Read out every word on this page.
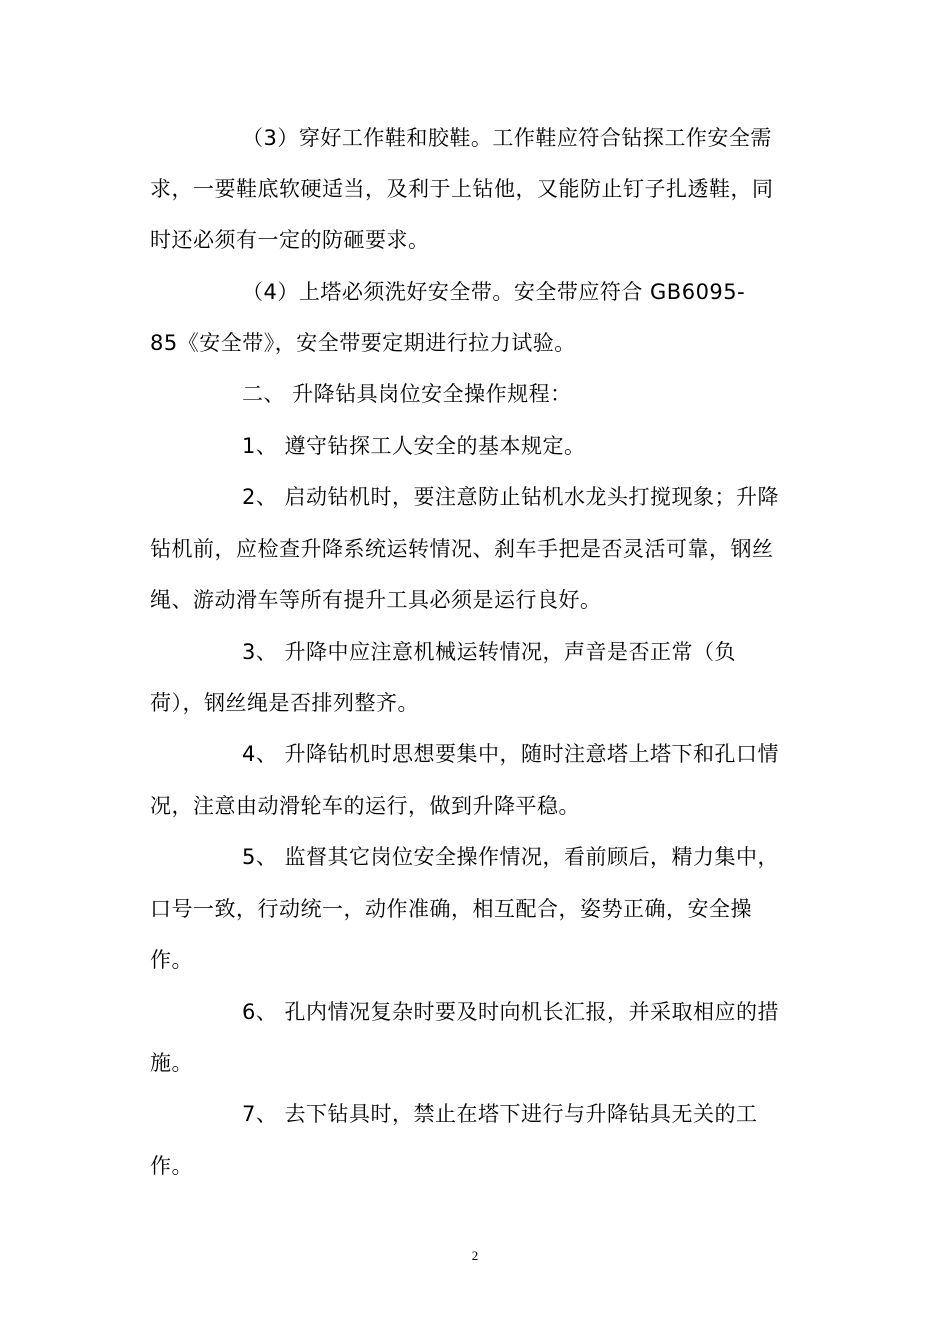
（3）穿好工作鞋和胶鞋。工作鞋应符合钻探工作安全需
求，一要鞋底软硬适当，及利于上钻他，又能防止钉子扎透鞋，同
时还必须有一定的防砸要求。
（4）上塔必须洗好安全带。安全带应符合 GB6095-
85《安全带》，安全带要定期进行拉力试验。
二、 升降钻具岗位安全操作规程：
1、 遵守钻探工人安全的基本规定。
2、 启动钻机时，要注意防止钻机水龙头打搅现象；升降
钻机前，应检查升降系统运转情况、刹车手把是否灵活可靠，钢丝
绳、游动滑车等所有提升工具必须是运行良好。
3、 升降中应注意机械运转情况，声音是否正常（负
荷），钢丝绳是否排列整齐。
4、 升降钻机时思想要集中，随时注意塔上塔下和孔口情
况，注意由动滑轮车的运行，做到升降平稳。
5、 监督其它岗位安全操作情况，看前顾后，精力集中，
口号一致，行动统一，动作准确，相互配合，姿势正确，安全操
作。
6、 孔内情况复杂时要及时向机长汇报，并采取相应的措
施。
7、 去下钻具时，禁止在塔下进行与升降钻具无关的工
作。
2
